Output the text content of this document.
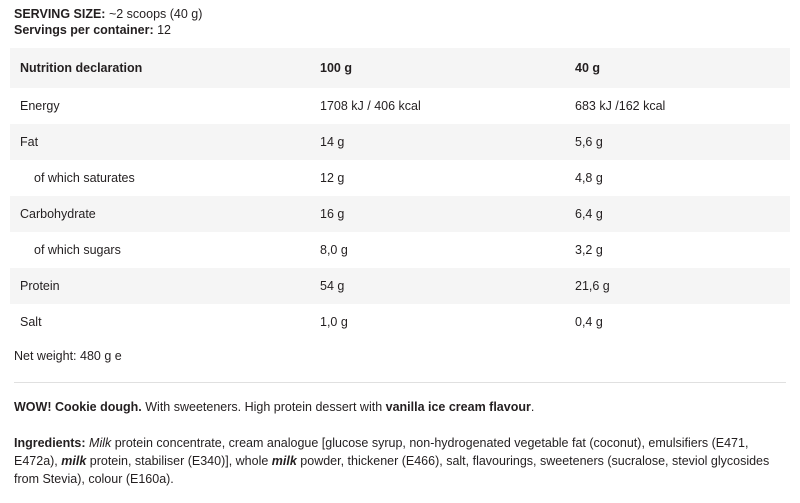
SERVING SIZE: ~2 scoops (40 g)
Servings per container: 12
Nutrition declaration	100 g	40 g
Energy	1708 kJ / 406 kcal	683 kJ /162 kcal
Fat	14 g	5,6 g
of which saturates	12 g	4,8 g
Carbohydrate	16 g	6,4 g
of which sugars	8,0 g	3,2 g
Protein	54 g	21,6 g
Salt	1,0 g	0,4 g
Net weight: 480 g e
WOW! Cookie dough. With sweeteners. High protein dessert with vanilla ice cream flavour.
Ingredients: Milk protein concentrate, cream analogue [glucose syrup, non-hydrogenated vegetable fat (coconut), emulsifiers (E471, E472a), milk protein, stabiliser (E340)], whole milk powder, thickener (E466), salt, flavourings, sweeteners (sucralose, steviol glycosides from Stevia), colour (E160a).
